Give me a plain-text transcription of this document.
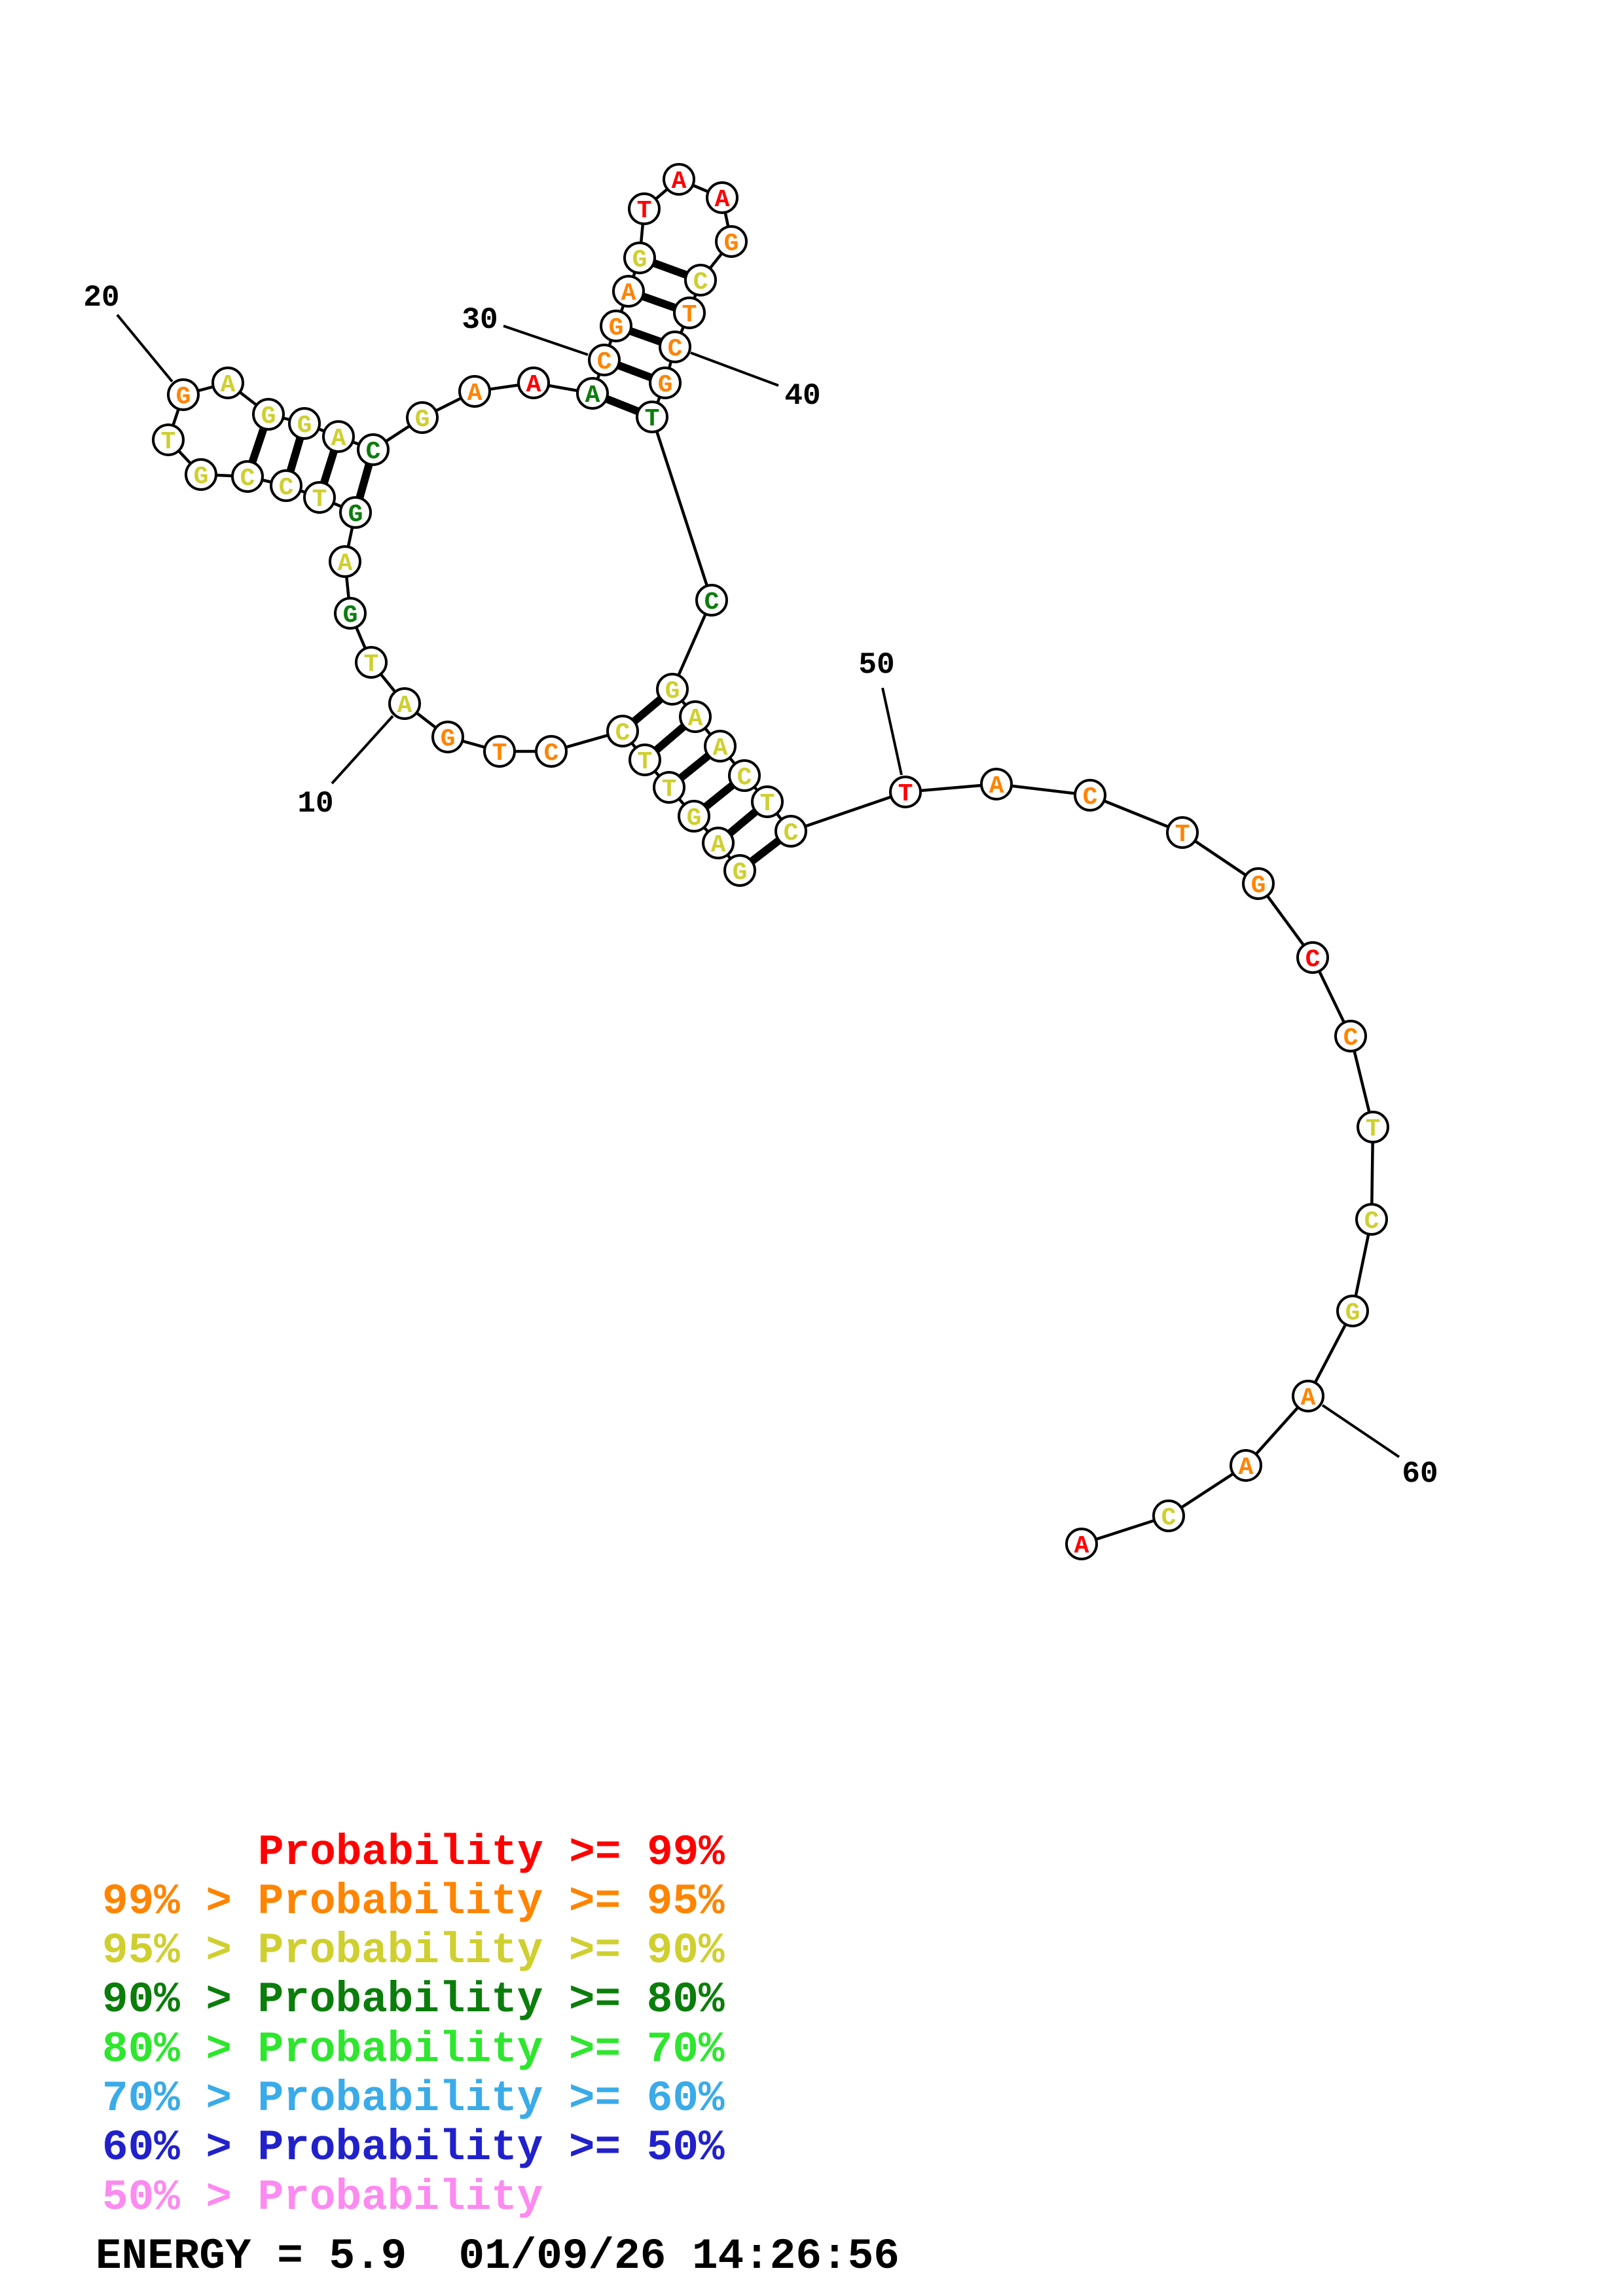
G
A
G
T
T
C
C
T
G
A
T
G
A
G
T
C
C
G
T
G A
G G A C
G
A A A
C
G
A
G
T
A
A
G
C
T
C
G
T
C
G
A
A
C
T
C
T	A	C
T
G
C
C
T
C
G
A
A
C
A
10
20
30
40
50
60
Probability >= 99%
99% > Probability >= 95%
95% > Probability >= 90%
90% > Probability >= 80%
80% > Probability >= 70%
70% > Probability >= 60%
60% > Probability >= 50%
50% > Probability
ENERGY = 5.9  01/09/26 14:26:56
